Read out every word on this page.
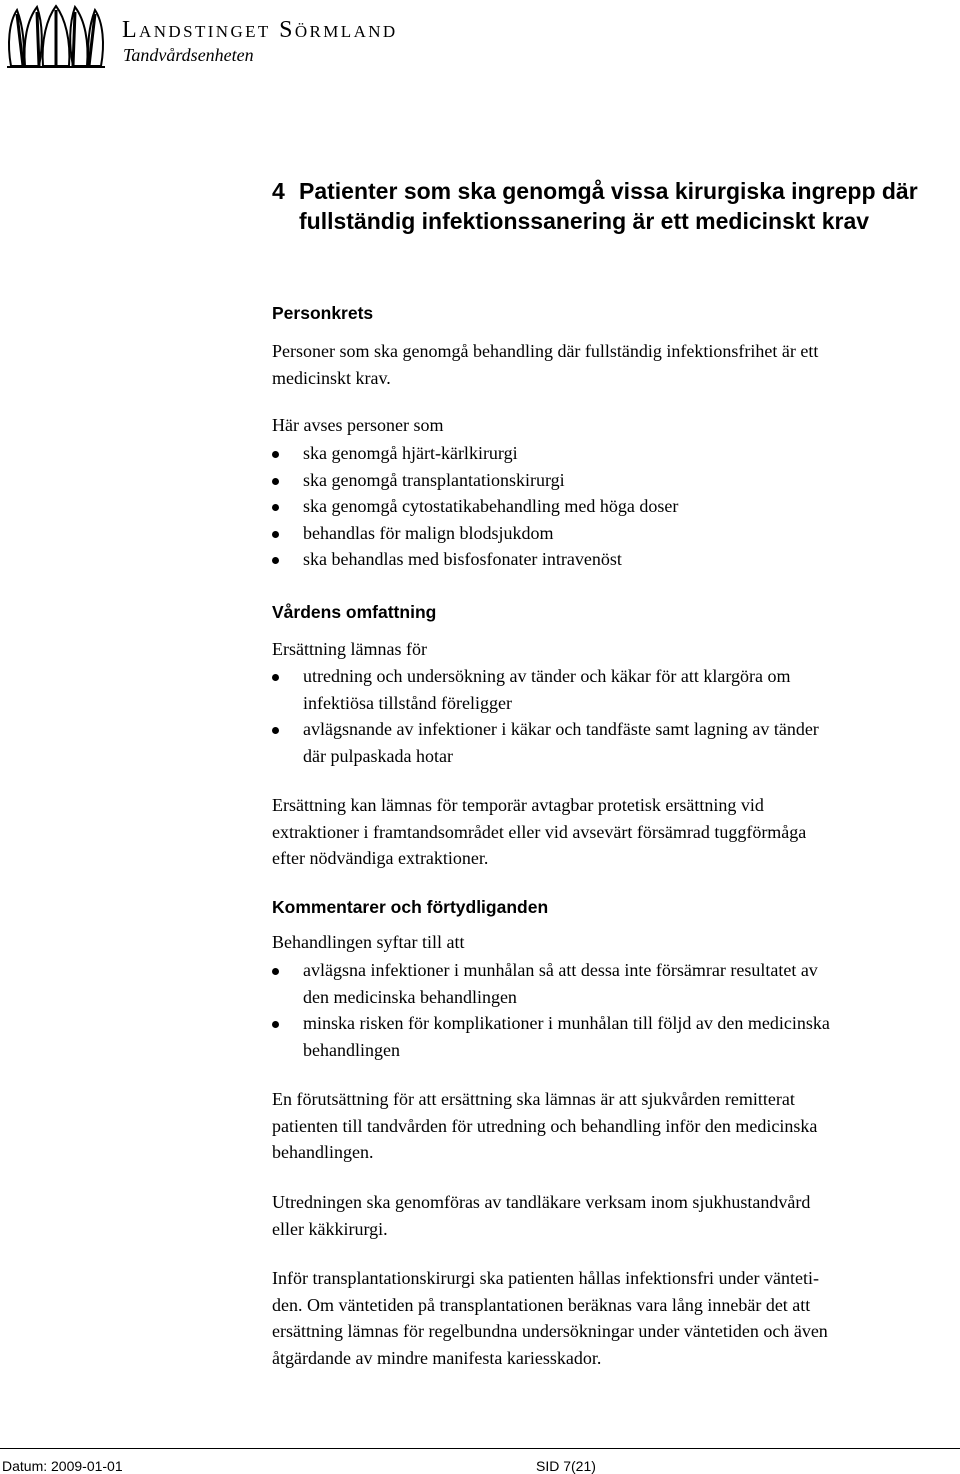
Landstinget Sörmland
Tandvårdsenheten
4 Patienter som ska genomgå vissa kirurgiska ingrepp där fullständig infektionssanering är ett medicinskt krav
Personkrets
Personer som ska genomgå behandling där fullständig infektionsfrihet är ett
medicinskt krav.
Här avses personer som
ska genomgå hjärt-kärlkirurgi
ska genomgå transplantationskirurgi
ska genomgå cytostatikabehandling med höga doser
behandlas för malign blodsjukdom
ska behandlas med bisfosfonater intravenöst
Vårdens omfattning
Ersättning lämnas för
utredning och undersökning av tänder och käkar för att klargöra om
infektiösa tillstånd föreligger
avlägsnande av infektioner i käkar och tandfäste samt lagning av tänder
där pulpaskada hotar
Ersättning kan lämnas för temporär avtagbar protetisk ersättning vid
extraktioner i framtandsområdet eller vid avsevärt försämrad tuggförmåga
efter nödvändiga extraktioner.
Kommentarer och förtydliganden
Behandlingen syftar till att
avlägsna infektioner i munhålan så att dessa inte försämrar resultatet av
den medicinska behandlingen
minska risken för komplikationer i munhålan till följd av den medicinska
behandlingen
En förutsättning för att ersättning ska lämnas är att sjukvården remitterat
patienten till tandvården för utredning och behandling inför den medicinska
behandlingen.
Utredningen ska genomföras av tandläkare verksam inom sjukhustandvård
eller käkkirurgi.
Inför transplantationskirurgi ska patienten hållas infektionsfri under vänteti-
den. Om väntetiden på transplantationen beräknas vara lång innebär det att
ersättning lämnas för regelbundna undersökningar under väntetiden och även
åtgärdande av mindre manifesta kariesskador.
Datum: 2009-01-01	SID 7(21)
